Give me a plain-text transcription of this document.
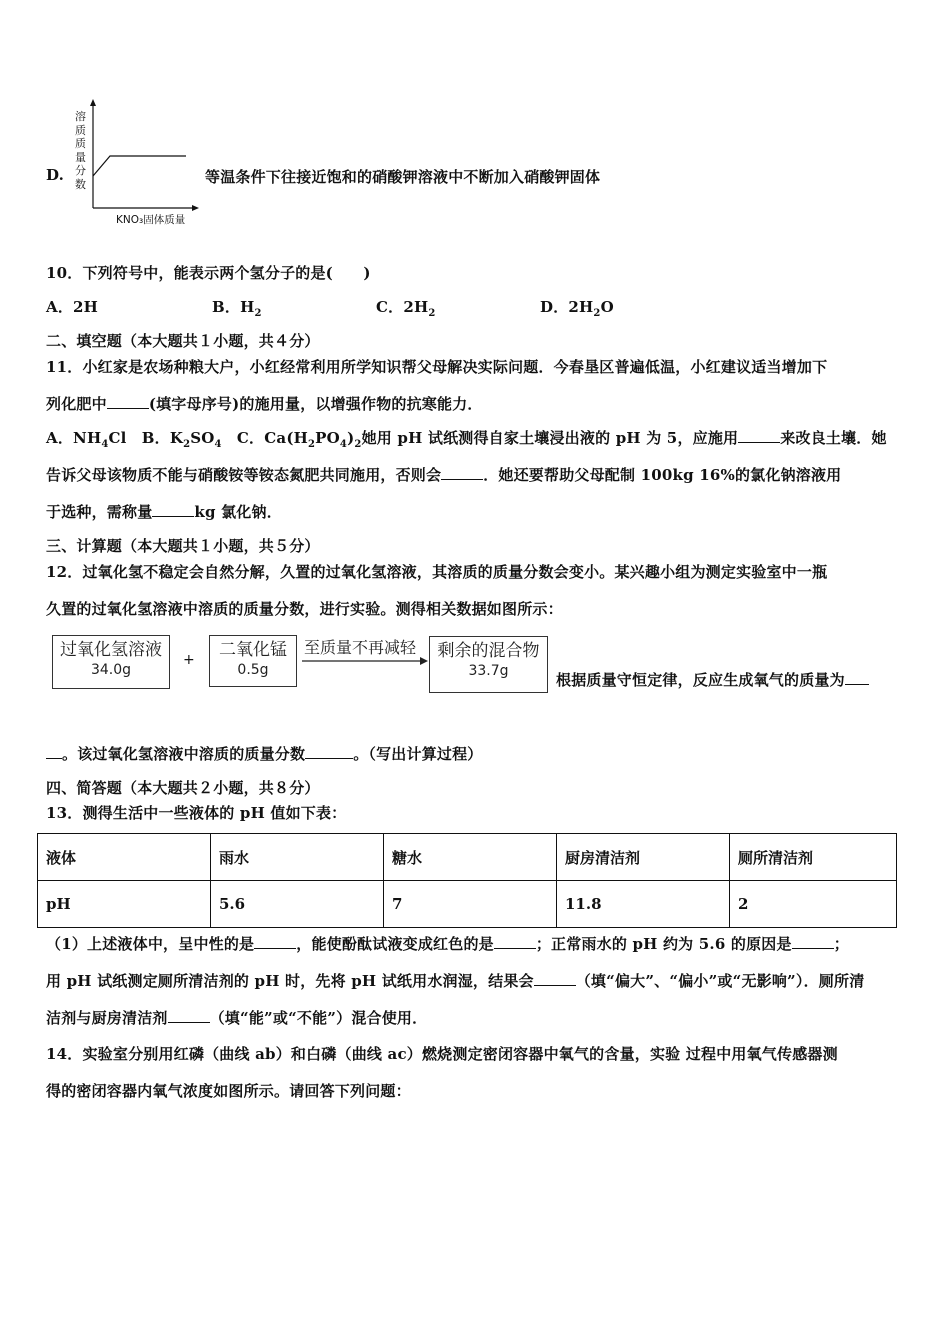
D.
溶
质
质
量
分
数
KNO₃固体质量
等温条件下往接近饱和的硝酸钾溶液中不断加入硝酸钾固体
10．下列符号中，能表示两个氢分子的是(　　)
A．2H	B．$H_2$	C．$2H_2$	D．$2H_2O$
二、填空题（本大题共１小题，共４分）
11．小红家是农场种粮大户，小红经常利用所学知识帮父母解决实际问题．今春垦区普遍低温，小红建议适当增加下
列化肥中	(填字母序号)的施用量，以增强作物的抗寒能力．
A．$NH_4Cl$　B．$K_2SO_4$　C．$Ca(H_2PO_4)_2$她用 pH 试纸测得自家土壤浸出液的 pH 为 5，应施用	来改良土壤．她
告诉父母该物质不能与硝酸铵等铵态氮肥共同施用，否则会	．她还要帮助父母配制 100kg 16%的氯化钠溶液用
于选种，需称量	kg 氯化钠．
三、计算题（本大题共１小题，共５分）
12．过氧化氢不稳定会自然分解，久置的过氧化氢溶液，其溶质的质量分数会变小。某兴趣小组为测定实验室中一瓶
久置的过氧化氢溶液中溶质的质量分数，进行实验。测得相关数据如图所示：
过氧化氢溶液
34.0g
+	二氧化锰
0.5g
至质量不再减轻	剩余的混合物
33.7g	根据质量守恒定律，反应生成氧气的质量为
。该过氧化氢溶液中溶质的质量分数	。（写出计算过程）
四、简答题（本大题共２小题，共８分）
13．测得生活中一些液体的 pH 值如下表：
液体	雨水	糖水	厨房清洁剂	厕所清洁剂
pH	5.6	7	11.8	2
（1）上述液体中，呈中性的是	，能使酚酞试液变成红色的是	；正常雨水的 pH 约为 5.6 的原因是	；
用 pH 试纸测定厕所清洁剂的 pH 时，先将 pH 试纸用水润湿，结果会	（填“偏大”、“偏小”或“无影响”）．厕所清
洁剂与厨房清洁剂	（填“能”或“不能”）混合使用．
14．实验室分别用红磷（曲线 ab）和白磷（曲线 ac）燃烧测定密闭容器中氧气的含量，实验 过程中用氧气传感器测
得的密闭容器内氧气浓度如图所示。请回答下列问题：
